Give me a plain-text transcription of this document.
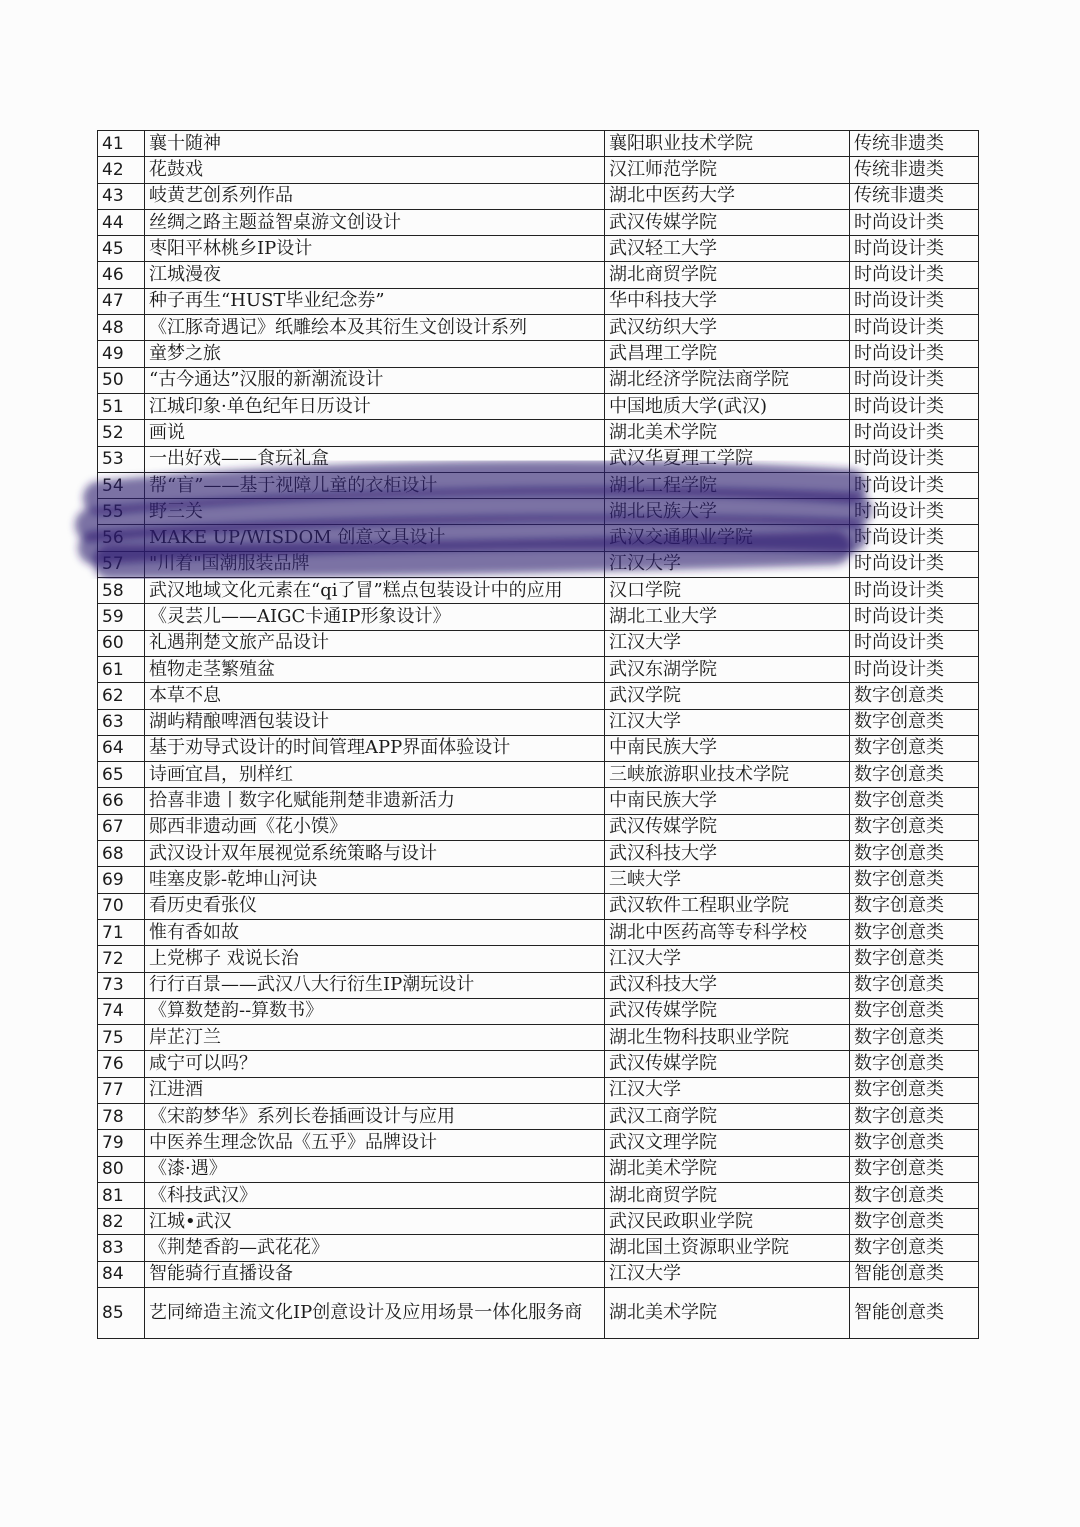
41	襄十随神	襄阳职业技术学院	传统非遗类
42	花鼓戏	汉江师范学院	传统非遗类
43	岐黄艺创系列作品	湖北中医药大学	传统非遗类
44	丝绸之路主题益智桌游文创设计	武汉传媒学院	时尚设计类
45	枣阳平林桃乡IP设计	武汉轻工大学	时尚设计类
46	江城漫夜	湖北商贸学院	时尚设计类
47	种子再生“HUST毕业纪念券”	华中科技大学	时尚设计类
48	《江豚奇遇记》纸雕绘本及其衍生文创设计系列	武汉纺织大学	时尚设计类
49	童梦之旅	武昌理工学院	时尚设计类
50	“古今通达”汉服的新潮流设计	湖北经济学院法商学院	时尚设计类
51	江城印象·单色纪年日历设计	中国地质大学(武汉)	时尚设计类
52	画说	湖北美术学院	时尚设计类
53	一出好戏——食玩礼盒	武汉华夏理工学院	时尚设计类
54	帮“盲”——基于视障儿童的衣柜设计	湖北工程学院	时尚设计类
55	野三关	湖北民族大学	时尚设计类
56	MAKE UP/WISDOM 创意文具设计	武汉交通职业学院	时尚设计类
57	"川着"国潮服装品牌	江汉大学	时尚设计类
58	武汉地域文化元素在“qi了冒”糕点包装设计中的应用	汉口学院	时尚设计类
59	《灵芸儿——AIGC卡通IP形象设计》	湖北工业大学	时尚设计类
60	礼遇荆楚文旅产品设计	江汉大学	时尚设计类
61	植物走茎繁殖盆	武汉东湖学院	时尚设计类
62	本草不息	武汉学院	数字创意类
63	湖屿精酿啤酒包装设计	江汉大学	数字创意类
64	基于劝导式设计的时间管理APP界面体验设计	中南民族大学	数字创意类
65	诗画宜昌，别样红	三峡旅游职业技术学院	数字创意类
66	拾喜非遗丨数字化赋能荆楚非遗新活力	中南民族大学	数字创意类
67	郧西非遗动画《花小馍》	武汉传媒学院	数字创意类
68	武汉设计双年展视觉系统策略与设计	武汉科技大学	数字创意类
69	哇塞皮影-乾坤山河诀	三峡大学	数字创意类
70	看历史看张仪	武汉软件工程职业学院	数字创意类
71	惟有香如故	湖北中医药高等专科学校	数字创意类
72	上党梆子 戏说长治	江汉大学	数字创意类
73	行行百景——武汉八大行衍生IP潮玩设计	武汉科技大学	数字创意类
74	《算数楚韵--算数书》	武汉传媒学院	数字创意类
75	岸芷汀兰	湖北生物科技职业学院	数字创意类
76	咸宁可以吗？	武汉传媒学院	数字创意类
77	江进酒	江汉大学	数字创意类
78	《宋韵梦华》系列长卷插画设计与应用	武汉工商学院	数字创意类
79	中医养生理念饮品《五乎》品牌设计	武汉文理学院	数字创意类
80	《漆·遇》	湖北美术学院	数字创意类
81	《科技武汉》	湖北商贸学院	数字创意类
82	江城•武汉	武汉民政职业学院	数字创意类
83	《荆楚香韵—武花花》	湖北国土资源职业学院	数字创意类
84	智能骑行直播设备	江汉大学	智能创意类
85	艺同缔造主流文化IP创意设计及应用场景一体化服务商	湖北美术学院	智能创意类
